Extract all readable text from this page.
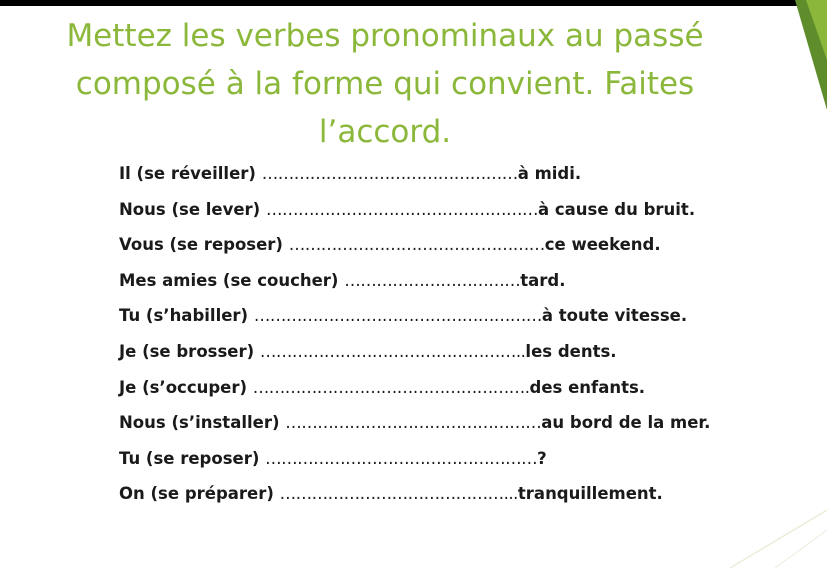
Mettez les verbes pronominaux au passé
composé à la forme qui convient. Faites
l’accord.
Il (se réveiller) …………………………………………à midi.
Nous (se lever) ……………………………………………à cause du bruit.
Vous (se reposer) …………………………………………ce weekend.
Mes amies (se coucher) ……………………………tard.
Tu (s’habiller) ………………………………………………à toute vitesse.
Je (se brosser) …………………………………………..les dents.
Je (s’occuper) …………………………………………….des enfants.
Nous (s’installer) …………………………………………au bord de la mer.
Tu (se reposer) ……………………………………………?
On (se préparer) ……………………………………...tranquillement.
